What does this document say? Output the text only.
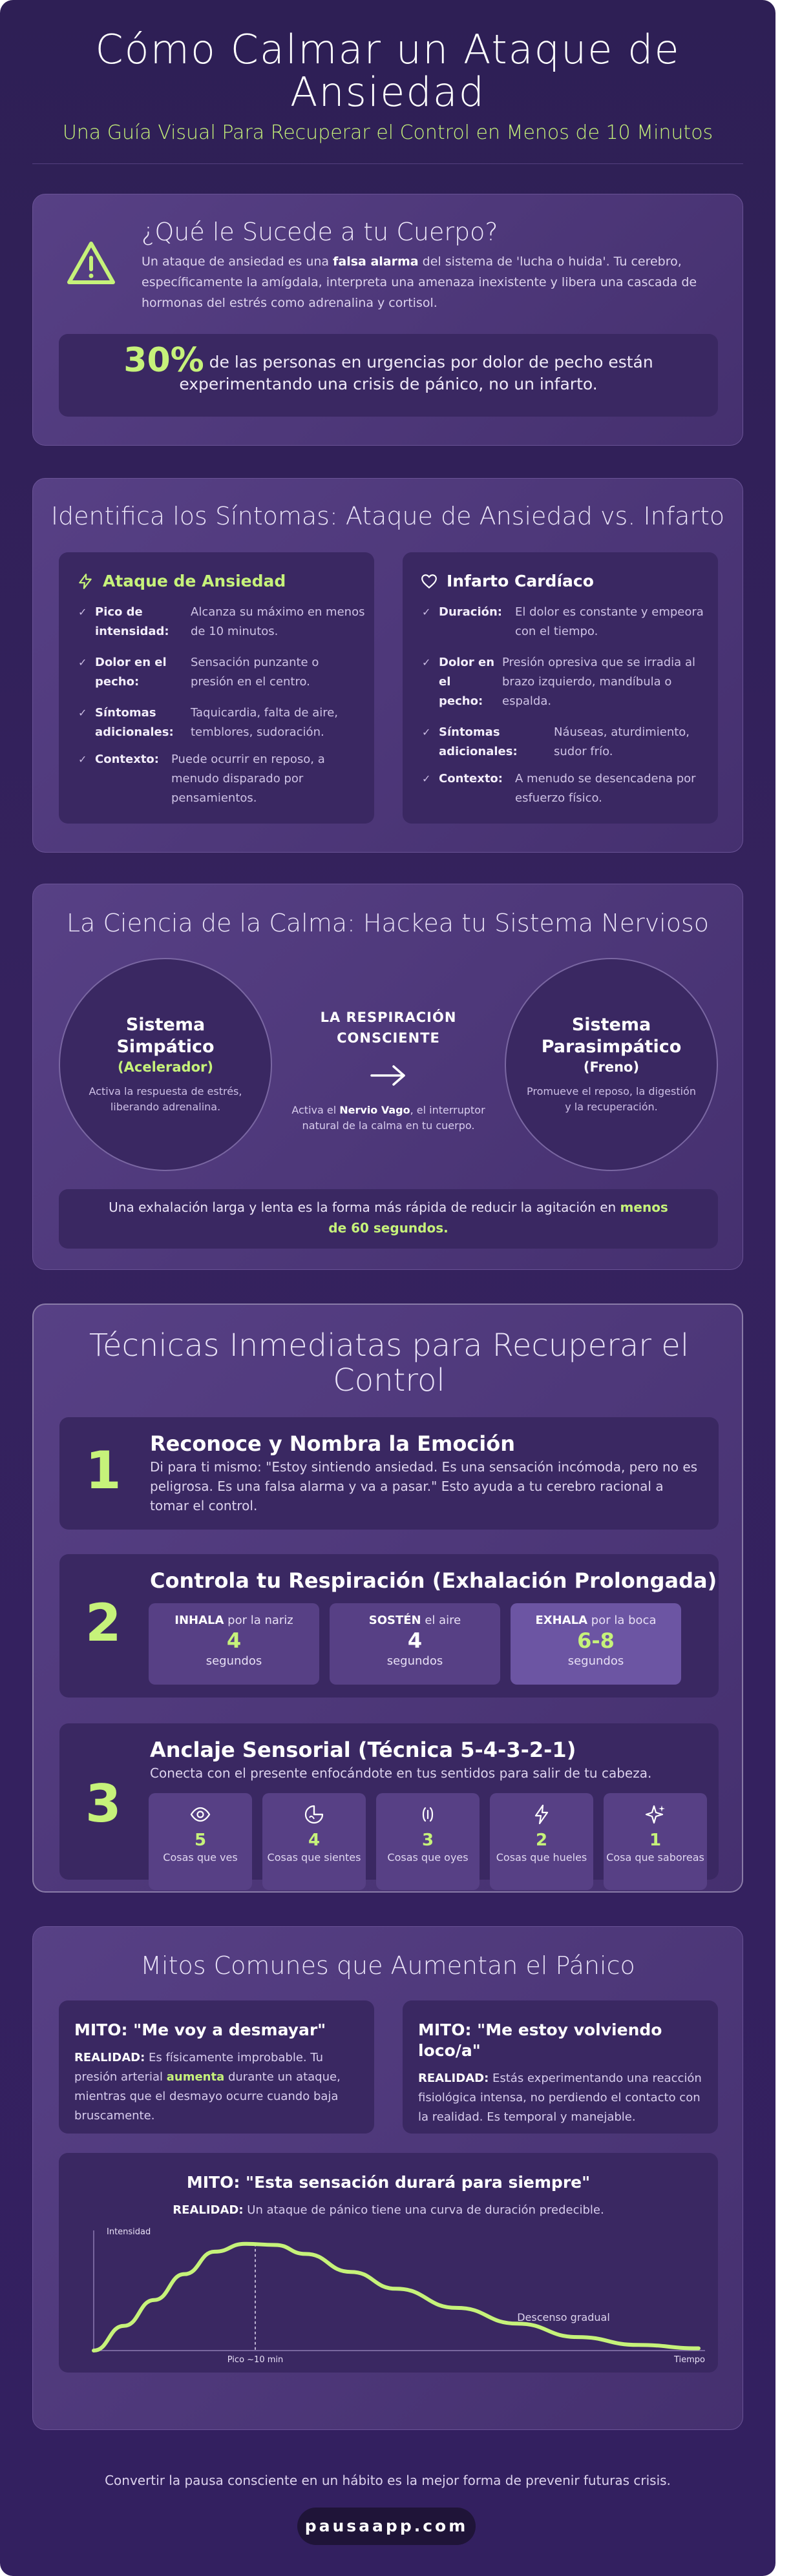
Cómo Calmar un Ataque de Ansiedad
Una Guía Visual Para Recuperar el Control en Menos de 10 Minutos
¿Qué le Sucede a tu Cuerpo?
Un ataque de ansiedad es una falsa alarma del sistema de 'lucha o huida'. Tu cerebro, específicamente la amígdala, interpreta una amenaza inexistente y libera una cascada de hormonas del estrés como adrenalina y cortisol.
30% de las personas en urgencias por dolor de pecho están experimentando una crisis de pánico, no un infarto.
Identifica los Síntomas: Ataque de Ansiedad vs. Infarto
Ataque de Ansiedad
✓ Pico de intensidad:
Alcanza su máximo en menos de 10 minutos.
✓ Dolor en el pecho:
Sensación punzante o presión en el centro.
✓ Síntomas adicionales:
Taquicardia, falta de aire, temblores, sudoración.
✓ Contexto:	Puede ocurrir en reposo, a menudo disparado por pensamientos.
Infarto Cardíaco
✓ Duración:	El dolor es constante y empeora con el tiempo.
✓ Dolor en el pecho:
Presión opresiva que se irradia al brazo izquierdo, mandíbula o espalda.
✓ Síntomas adicionales:
Náuseas, aturdimiento, sudor frío.
✓ Contexto:	A menudo se desencadena por esfuerzo físico.
La Ciencia de la Calma: Hackea tu Sistema Nervioso
Sistema Simpático
(Acelerador)
Activa la respuesta de estrés, liberando adrenalina.
LA RESPIRACIÓN CONSCIENTE
Activa el Nervio Vago, el interruptor natural de la calma en tu cuerpo.
Sistema Parasimpático
(Freno)
Promueve el reposo, la digestión y la recuperación.
Una exhalación larga y lenta es la forma más rápida de reducir la agitación en menos de 60 segundos.
Técnicas Inmediatas para Recuperar el Control
1 Reconoce y Nombra la Emoción
Di para ti mismo: "Estoy sintiendo ansiedad. Es una sensación incómoda, pero no es peligrosa. Es una falsa alarma y va a pasar." Esto ayuda a tu cerebro racional a tomar el control.
2
Controla tu Respiración (Exhalación Prolongada)
INHALA por la nariz
4
segundos
SOSTÉN el aire
4
segundos
EXHALA por la boca
6-8
segundos
3
Anclaje Sensorial (Técnica 5-4-3-2-1)
Conecta con el presente enfocándote en tus sentidos para salir de tu cabeza.
5
Cosas que ves
4
Cosas que sientes
3
Cosas que oyes
2
Cosas que hueles
1
Cosa que saboreas
Mitos Comunes que Aumentan el Pánico
MITO: "Me voy a desmayar"
REALIDAD: Es físicamente improbable. Tu presión arterial aumenta durante un ataque, mientras que el desmayo ocurre cuando baja bruscamente.
MITO: "Me estoy volviendo loco/a"
REALIDAD: Estás experimentando una reacción fisiológica intensa, no perdiendo el contacto con la realidad. Es temporal y manejable.
MITO: "Esta sensación durará para siempre"
REALIDAD: Un ataque de pánico tiene una curva de duración predecible.
Intensidad
Tiempo
Pico ~10 min
Descenso gradual
Convertir la pausa consciente en un hábito es la mejor forma de prevenir futuras crisis.
pausaapp.com
